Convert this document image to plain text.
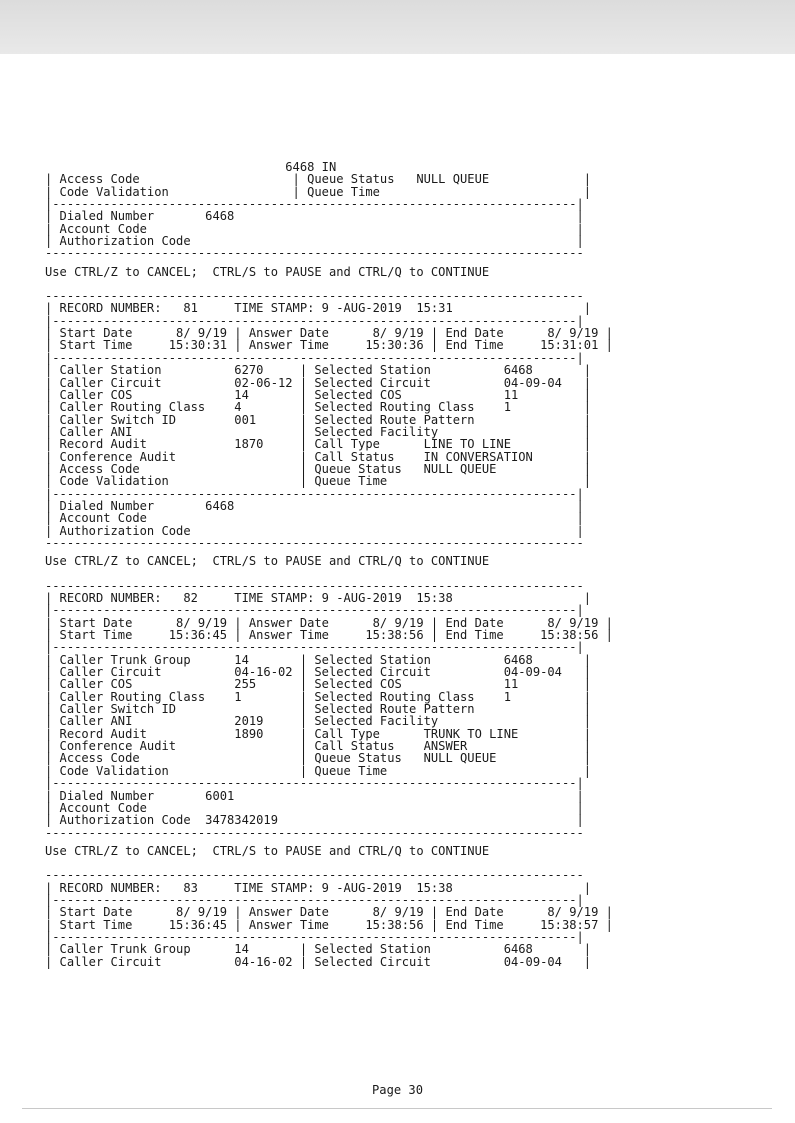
6468 IN
| Access Code                     | Queue Status   NULL QUEUE             |
| Code Validation                 | Queue Time                            |
|------------------------------------------------------------------------|
| Dialed Number       6468                                               |
| Account Code                                                           |
| Authorization Code                                                     |
--------------------------------------------------------------------------
Use CTRL/Z to CANCEL;  CTRL/S to PAUSE and CTRL/Q to CONTINUE
--------------------------------------------------------------------------
| RECORD NUMBER:   81     TIME STAMP: 9 -AUG-2019  15:31                  |
|------------------------------------------------------------------------|
| Start Date      8/ 9/19 | Answer Date      8/ 9/19 | End Date      8/ 9/19 |
| Start Time     15:30:31 | Answer Time     15:30:36 | End Time     15:31:01 |
|------------------------------------------------------------------------|
| Caller Station          6270     | Selected Station          6468       |
| Caller Circuit          02-06-12 | Selected Circuit          04-09-04   |
| Caller COS              14       | Selected COS              11         |
| Caller Routing Class    4        | Selected Routing Class    1          |
| Caller Switch ID        001      | Selected Route Pattern               |
| Caller ANI                       | Selected Facility                    |
| Record Audit            1870     | Call Type      LINE TO LINE          |
| Conference Audit                 | Call Status    IN CONVERSATION       |
| Access Code                      | Queue Status   NULL QUEUE            |
| Code Validation                  | Queue Time                           |
|------------------------------------------------------------------------|
| Dialed Number       6468                                               |
| Account Code                                                           |
| Authorization Code                                                     |
--------------------------------------------------------------------------
Use CTRL/Z to CANCEL;  CTRL/S to PAUSE and CTRL/Q to CONTINUE
--------------------------------------------------------------------------
| RECORD NUMBER:   82     TIME STAMP: 9 -AUG-2019  15:38                  |
|------------------------------------------------------------------------|
| Start Date      8/ 9/19 | Answer Date      8/ 9/19 | End Date      8/ 9/19 |
| Start Time     15:36:45 | Answer Time     15:38:56 | End Time     15:38:56 |
|------------------------------------------------------------------------|
| Caller Trunk Group      14       | Selected Station          6468       |
| Caller Circuit          04-16-02 | Selected Circuit          04-09-04   |
| Caller COS              255      | Selected COS              11         |
| Caller Routing Class    1        | Selected Routing Class    1          |
| Caller Switch ID                 | Selected Route Pattern               |
| Caller ANI              2019     | Selected Facility                    |
| Record Audit            1890     | Call Type      TRUNK TO LINE         |
| Conference Audit                 | Call Status    ANSWER                |
| Access Code                      | Queue Status   NULL QUEUE            |
| Code Validation                  | Queue Time                           |
|------------------------------------------------------------------------|
| Dialed Number       6001                                               |
| Account Code                                                           |
| Authorization Code  3478342019                                         |
--------------------------------------------------------------------------
Use CTRL/Z to CANCEL;  CTRL/S to PAUSE and CTRL/Q to CONTINUE
--------------------------------------------------------------------------
| RECORD NUMBER:   83     TIME STAMP: 9 -AUG-2019  15:38                  |
|------------------------------------------------------------------------|
| Start Date      8/ 9/19 | Answer Date      8/ 9/19 | End Date      8/ 9/19 |
| Start Time     15:36:45 | Answer Time     15:38:56 | End Time     15:38:57 |
|------------------------------------------------------------------------|
| Caller Trunk Group      14       | Selected Station          6468       |
| Caller Circuit          04-16-02 | Selected Circuit          04-09-04   |
Page 30
